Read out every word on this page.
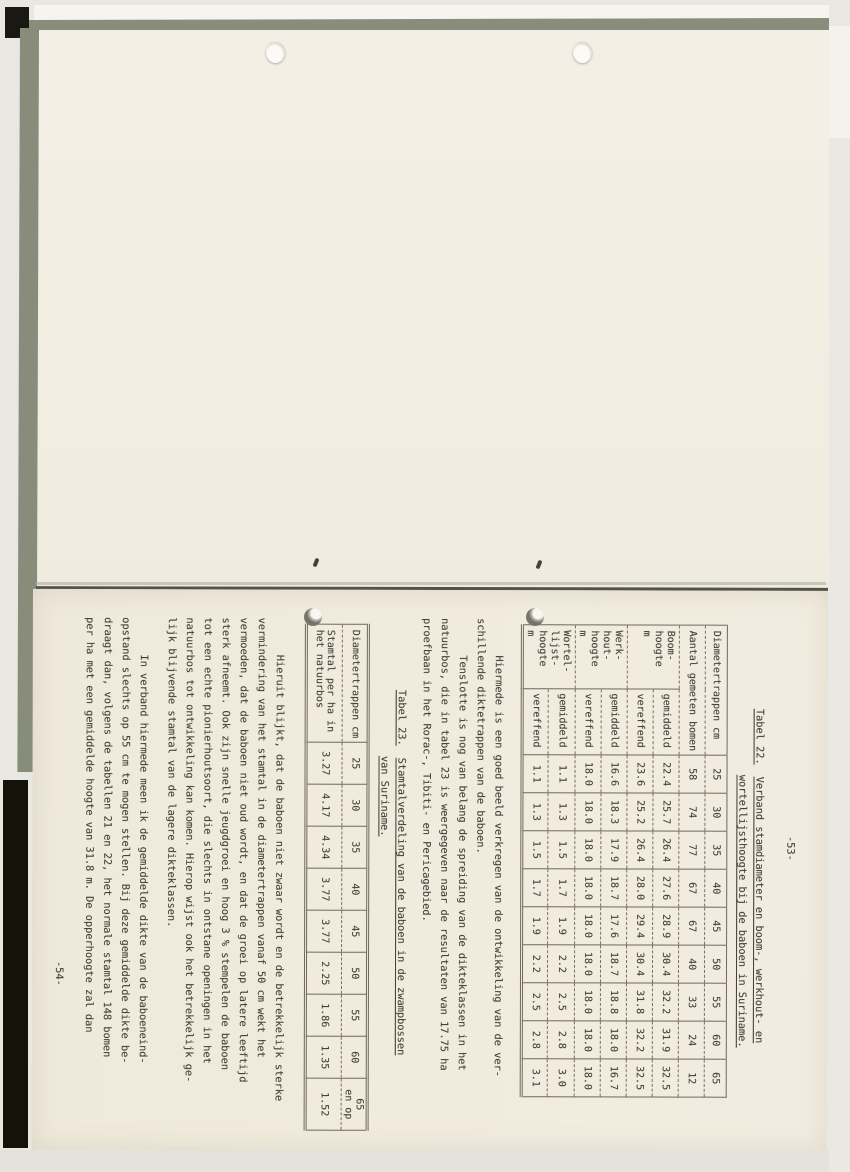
-53-
Tabel 22.Verband stamdiameter en boom-, werkhout- en
wortellijsthoogte bij de baboen in Suriname.
Diametertrappen cm		25	30	35	40	45	50	55	60	65
Aantal gemeten bomen		58	74	77	67	67	40	33	24	12
Boom-
hoogte
m	gemiddeld	22.4	25.7	26.4	27.6	28.9	30.4	32.2	31.9	32.5
	vereffend	23.6	25.2	26.4	28.0	29.4	30.4	31.8	32.2	32.5
Werk-
hout-
hoogte
m	gemiddeld	16.6	18.3	17.9	18.7	17.6	18.7	18.8	18.0	16.7
	vereffend	18.0	18.0	18.0	18.0	18.0	18.0	18.0	18.0	18.0
Wortel-
lijst-
hoogte
m	gemiddeld	1.1	1.3	1.5	1.7	1.9	2.2	2.5	2.8	3.0
	vereffend	1.1	1.3	1.5	1.7	1.9	2.2	2.5	2.8	3.1
Hiermede is een goed beeld verkregen van de ontwikkeling van de ver-
schillende diktetrappen van de baboen.
Tenslotte is nog van belang de spreiding van de dikteklassen in het
natuurbos, die in tabel 23 is weergegeven naar de resultaten van 17.75 ha
proefbaan in het Rorac-, Tibiti- en Pericagebied.
Tabel 23.Stamtalverdeling van de baboen in de zwampbossen
van Suriname.
Diametertrappen cm	25	30	35	40	45	50	55	60	65
en op
Stamtal per ha in
het natuurbos	3.27	4.17	4.34	3.77	3.77	2.25	1.86	1.35	1.52
Hieruit blijkt, dat de baboen niet zwaar wordt en de betrekkelijk sterke
vermindering van het stamtal in de diametertrappen vanaf 50 cm wekt het
vermoeden, dat de baboen niet oud wordt, en dat de groei op latere leeftijd
sterk afneemt. Ook zijn snelle jeugdgroei en hoog 3 % stempelen de baboen
tot een echte pionierhoutsoort, die slechts in ontstane openingen in het
natuurbos tot ontwikkeling kan komen. Hierop wijst ook het betrekkelijk ge-
lijk blijvende stamtal van de lagere dikteklassen.
In verband hiermede meen ik de gemiddelde dikte van de baboeneind-
opstand slechts op 55 cm te mogen stellen. Bij deze gemiddelde dikte be-
draagt dan, volgens de tabellen 21 en 22, het normale stamtal 148 bomen
per ha met een gemiddelde hoogte van 31.8 m. De opperhoogte zal dan
-54-
